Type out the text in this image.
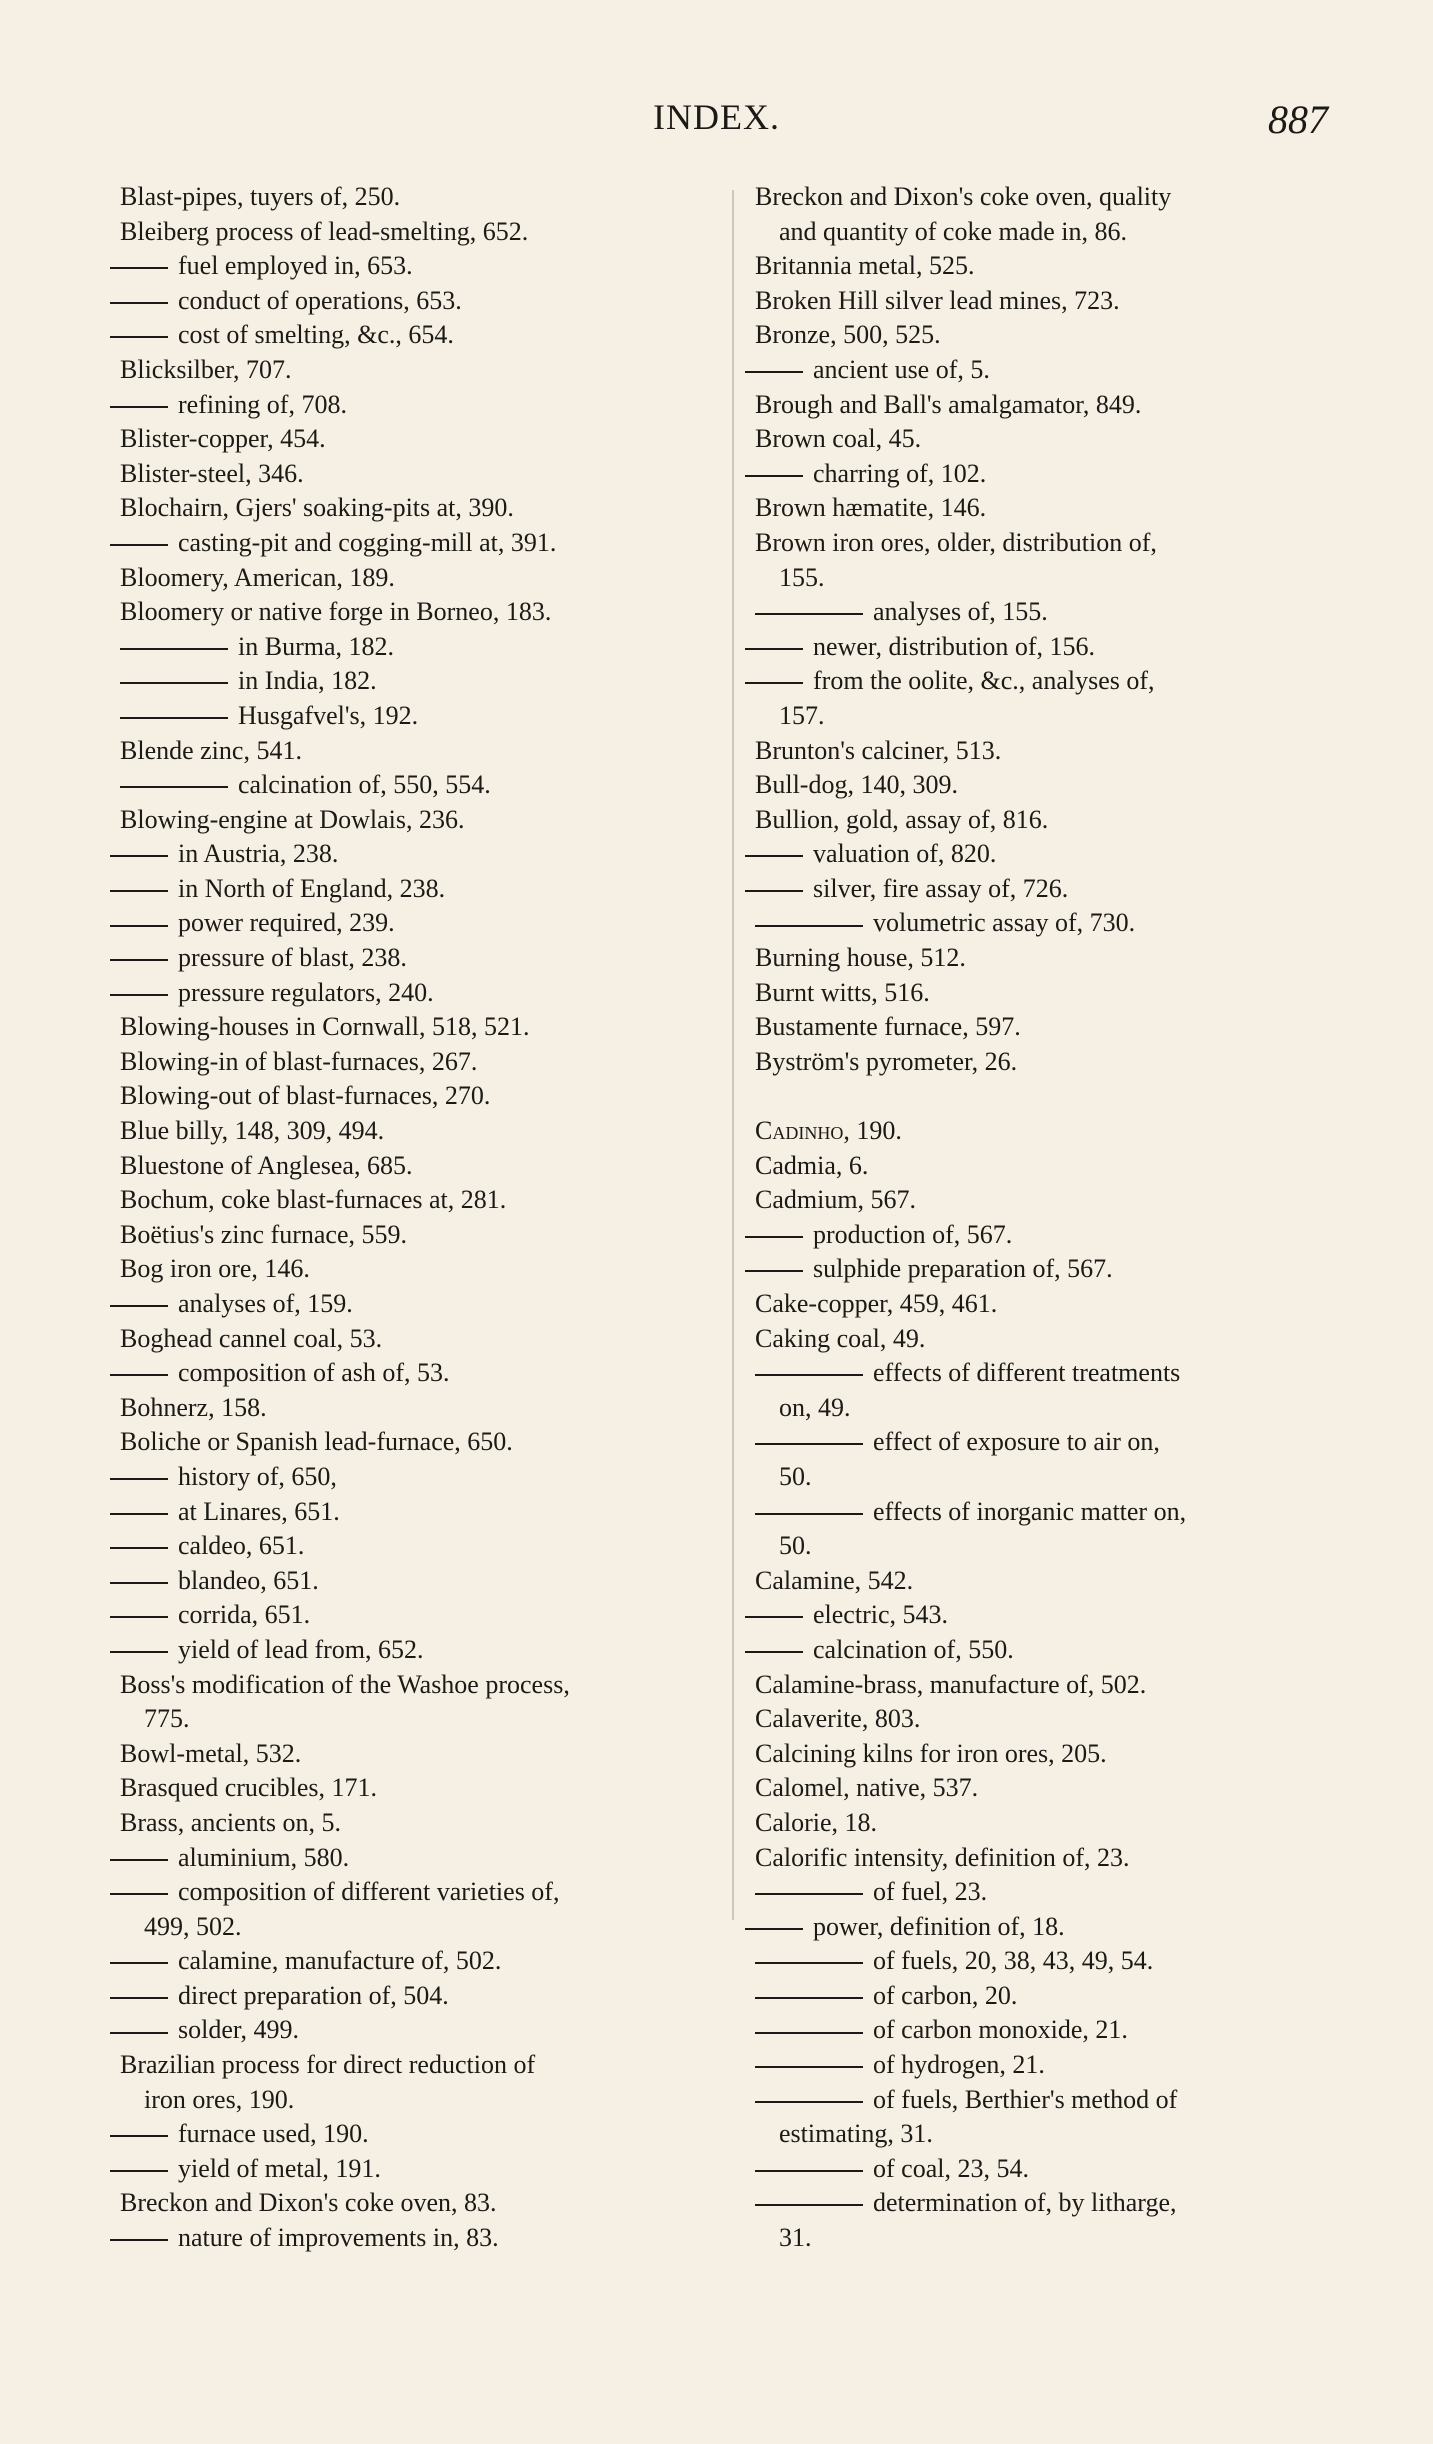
INDEX.	887
Blast-pipes, tuyers of, 250.
Bleiberg process of lead-smelting, 652.
fuel employed in, 653.
conduct of operations, 653.
cost of smelting, &c., 654.
Blicksilber, 707.
refining of, 708.
Blister-copper, 454.
Blister-steel, 346.
Blochairn, Gjers' soaking-pits at, 390.
casting-pit and cogging-mill at, 391.
Bloomery, American, 189.
Bloomery or native forge in Borneo, 183.
in Burma, 182.
in India, 182.
Husgafvel's, 192.
Blende zinc, 541.
calcination of, 550, 554.
Blowing-engine at Dowlais, 236.
in Austria, 238.
in North of England, 238.
power required, 239.
pressure of blast, 238.
pressure regulators, 240.
Blowing-houses in Cornwall, 518, 521.
Blowing-in of blast-furnaces, 267.
Blowing-out of blast-furnaces, 270.
Blue billy, 148, 309, 494.
Bluestone of Anglesea, 685.
Bochum, coke blast-furnaces at, 281.
Boëtius's zinc furnace, 559.
Bog iron ore, 146.
analyses of, 159.
Boghead cannel coal, 53.
composition of ash of, 53.
Bohnerz, 158.
Boliche or Spanish lead-furnace, 650.
history of, 650,
at Linares, 651.
caldeo, 651.
blandeo, 651.
corrida, 651.
yield of lead from, 652.
Boss's modification of the Washoe process,
775.
Bowl-metal, 532.
Brasqued crucibles, 171.
Brass, ancients on, 5.
aluminium, 580.
composition of different varieties of,
499, 502.
calamine, manufacture of, 502.
direct preparation of, 504.
solder, 499.
Brazilian process for direct reduction of
iron ores, 190.
furnace used, 190.
yield of metal, 191.
Breckon and Dixon's coke oven, 83.
nature of improvements in, 83.
Breckon and Dixon's coke oven, quality
and quantity of coke made in, 86.
Britannia metal, 525.
Broken Hill silver lead mines, 723.
Bronze, 500, 525.
ancient use of, 5.
Brough and Ball's amalgamator, 849.
Brown coal, 45.
charring of, 102.
Brown hæmatite, 146.
Brown iron ores, older, distribution of,
155.
analyses of, 155.
newer, distribution of, 156.
from the oolite, &c., analyses of,
157.
Brunton's calciner, 513.
Bull-dog, 140, 309.
Bullion, gold, assay of, 816.
valuation of, 820.
silver, fire assay of, 726.
volumetric assay of, 730.
Burning house, 512.
Burnt witts, 516.
Bustamente furnace, 597.
Byström's pyrometer, 26.
Cadinho, 190.
Cadmia, 6.
Cadmium, 567.
production of, 567.
sulphide preparation of, 567.
Cake-copper, 459, 461.
Caking coal, 49.
effects of different treatments
on, 49.
effect of exposure to air on,
50.
effects of inorganic matter on,
50.
Calamine, 542.
electric, 543.
calcination of, 550.
Calamine-brass, manufacture of, 502.
Calaverite, 803.
Calcining kilns for iron ores, 205.
Calomel, native, 537.
Calorie, 18.
Calorific intensity, definition of, 23.
of fuel, 23.
power, definition of, 18.
of fuels, 20, 38, 43, 49, 54.
of carbon, 20.
of carbon monoxide, 21.
of hydrogen, 21.
of fuels, Berthier's method of
estimating, 31.
of coal, 23, 54.
determination of, by litharge,
31.
